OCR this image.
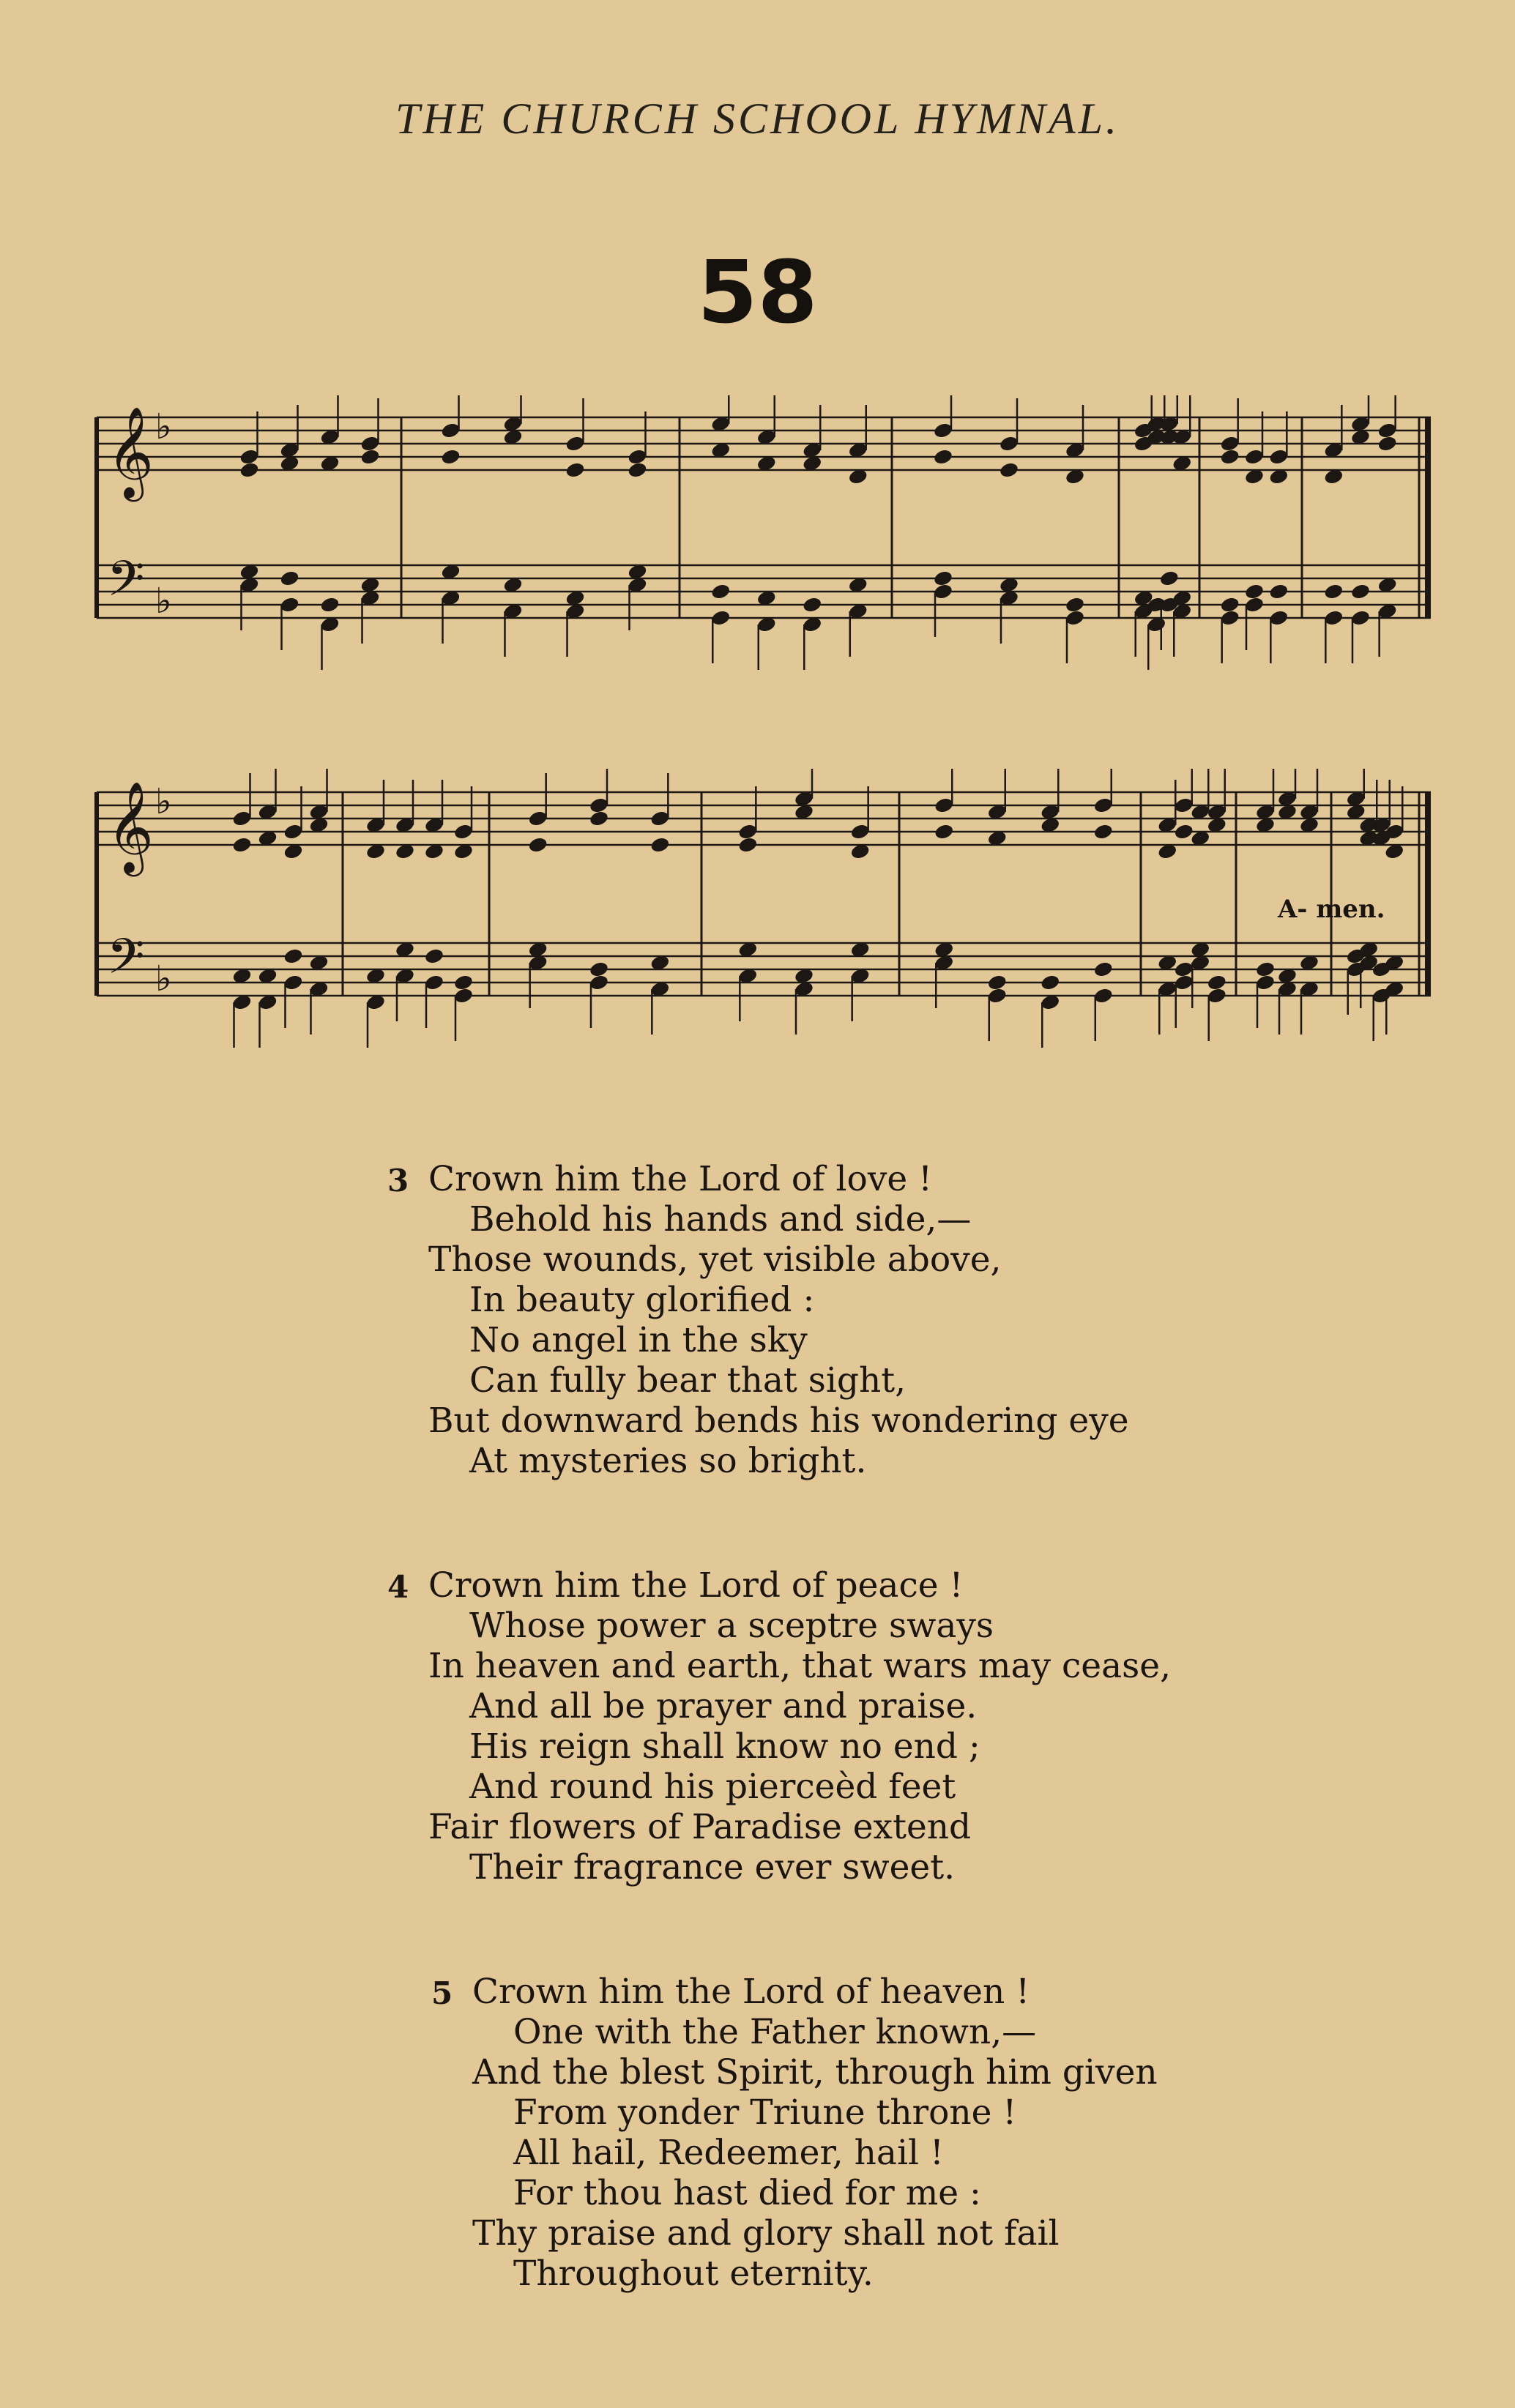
THE CHURCH SCHOOL HYMNAL.
58
𝄞 ♭
𝄢 ♭
𝄞 ♭
𝄢 ♭
A- men.
3 Crown him the Lord of love !
Behold his hands and side,—
Those wounds, yet visible above,
In beauty glorified :
No angel in the sky
Can fully bear that sight,
But downward bends his wondering eye
At mysteries so bright.
4 Crown him the Lord of peace !
Whose power a sceptre sways
In heaven and earth, that wars may cease,
And all be prayer and praise.
His reign shall know no end ;
And round his pierceèd feet
Fair flowers of Paradise extend
Their fragrance ever sweet.
5 Crown him the Lord of heaven !
One with the Father known,—
And the blest Spirit, through him given
From yonder Triune throne !
All hail, Redeemer, hail !
For thou hast died for me :
Thy praise and glory shall not fail
Throughout eternity.
